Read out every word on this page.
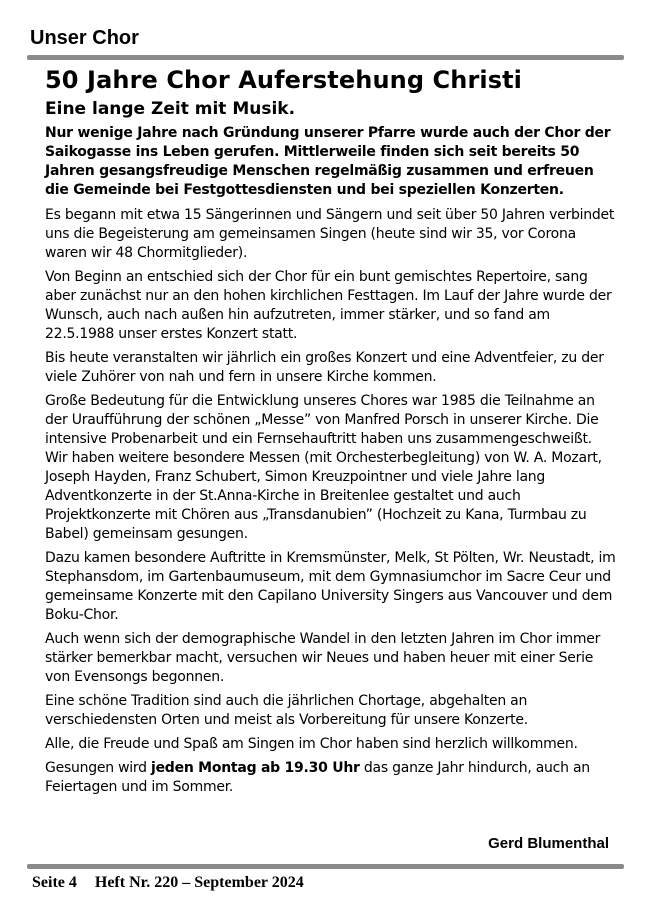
Unser Chor
50 Jahre Chor Auferstehung Christi
Eine lange Zeit mit Musik.

Nur wenige Jahre nach Gründung unserer Pfarre wurde auch der Chor der Saikogasse ins Leben gerufen. Mittlerweile finden sich seit bereits 50 Jahren gesangsfreudige Menschen regelmäßig zusammen und erfreuen die Gemeinde bei Festgottesdiensten und bei speziellen Konzerten.

Es begann mit etwa 15 Sängerinnen und Sängern und seit über 50 Jahren verbindet uns die Begeisterung am gemeinsamen Singen (heute sind wir 35, vor Corona waren wir 48 Chormitglieder).

Von Beginn an entschied sich der Chor für ein bunt gemischtes Repertoire, sang aber zunächst nur an den hohen kirchlichen Festtagen. Im Lauf der Jahre wurde der Wunsch, auch nach außen hin aufzutreten, immer stärker, und so fand am 22.5.1988 unser erstes Konzert statt.

Bis heute veranstalten wir jährlich ein großes Konzert und eine Adventfeier, zu der viele Zuhörer von nah und fern in unsere Kirche kommen.

Große Bedeutung für die Entwicklung unseres Chores war 1985 die Teilnahme an der Uraufführung der schönen „Messe” von Manfred Porsch in unserer Kirche. Die intensive Probenarbeit und ein Fernsehauftritt haben uns zusammengeschweißt. Wir haben weitere besondere Messen (mit Orchesterbegleitung) von W. A. Mozart, Joseph Hayden, Franz Schubert, Simon Kreuzpointner und viele Jahre lang Adventkonzerte in der St.Anna-Kirche in Breitenlee gestaltet und auch Projektkonzerte mit Chören aus „Transdanubien” (Hochzeit zu Kana, Turmbau zu Babel) gemeinsam gesungen.

Dazu kamen besondere Auftritte in Kremsmünster, Melk, St Pölten, Wr. Neustadt, im Stephansdom, im Gartenbaumuseum, mit dem Gymnasiumchor im Sacre Ceur und gemeinsame Konzerte mit den Capilano University Singers aus Vancouver und dem Boku-Chor.

Auch wenn sich der demographische Wandel in den letzten Jahren im Chor immer stärker bemerkbar macht, versuchen wir Neues und haben heuer mit einer Serie von Evensongs begonnen.

Eine schöne Tradition sind auch die jährlichen Chortage, abgehalten an verschiedensten Orten und meist als Vorbereitung für unsere Konzerte.

Alle, die Freude und Spaß am Singen im Chor haben sind herzlich willkommen.

Gesungen wird jeden Montag ab 19.30 Uhr das ganze Jahr hindurch, auch an Feiertagen und im Sommer.

Gerd Blumenthal

Seite 4 Heft Nr. 220 – September 2024
